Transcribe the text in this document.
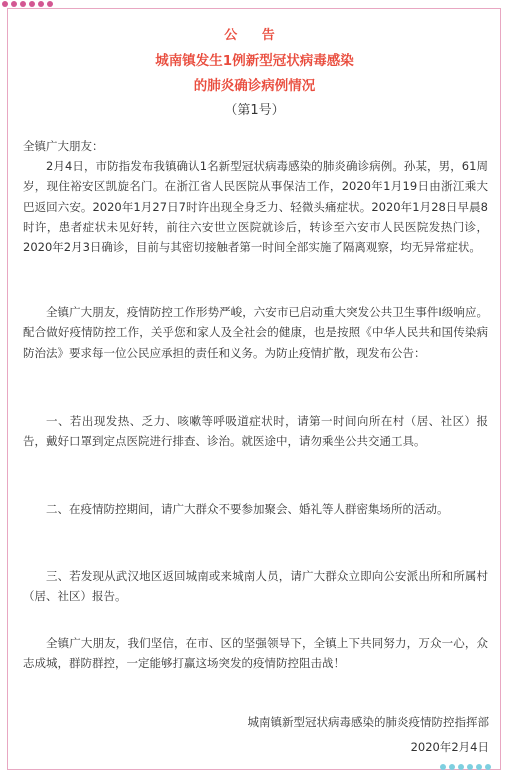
公 告
城南镇发生1例新型冠状病毒感染
的肺炎确诊病例情况
（第1号）

全镇广大朋友：

2月4日，市防指发布我镇确认1名新型冠状病毒感染的肺炎确诊病例。孙某，男，61周岁，现住裕安区凯旋名门。在浙江省人民医院从事保洁工作，2020年1月19日由浙江乘大巴返回六安。2020年1月27日7时许出现全身乏力、轻微头痛症状。2020年1月28日早晨8时许，患者症状未见好转，前往六安世立医院就诊后，转诊至六安市人民医院发热门诊，2020年2月3日确诊，目前与其密切接触者第一时间全部实施了隔离观察，均无异常症状。

全镇广大朋友，疫情防控工作形势严峻，六安市已启动重大突发公共卫生事件Ⅰ级响应。配合做好疫情防控工作，关乎您和家人及全社会的健康，也是按照《中华人民共和国传染病防治法》要求每一位公民应承担的责任和义务。为防止疫情扩散，现发布公告：

一、若出现发热、乏力、咳嗽等呼吸道症状时，请第一时间向所在村（居、社区）报告，戴好口罩到定点医院进行排查、诊治。就医途中，请勿乘坐公共交通工具。

二、在疫情防控期间，请广大群众不要参加聚会、婚礼等人群密集场所的活动。

三、若发现从武汉地区返回城南或来城南人员，请广大群众立即向公安派出所和所属村（居、社区）报告。

全镇广大朋友，我们坚信，在市、区的坚强领导下，全镇上下共同努力，万众一心，众志成城，群防群控，一定能够打赢这场突发的疫情防控阻击战！

城南镇新型冠状病毒感染的肺炎疫情防控指挥部

2020年2月4日
